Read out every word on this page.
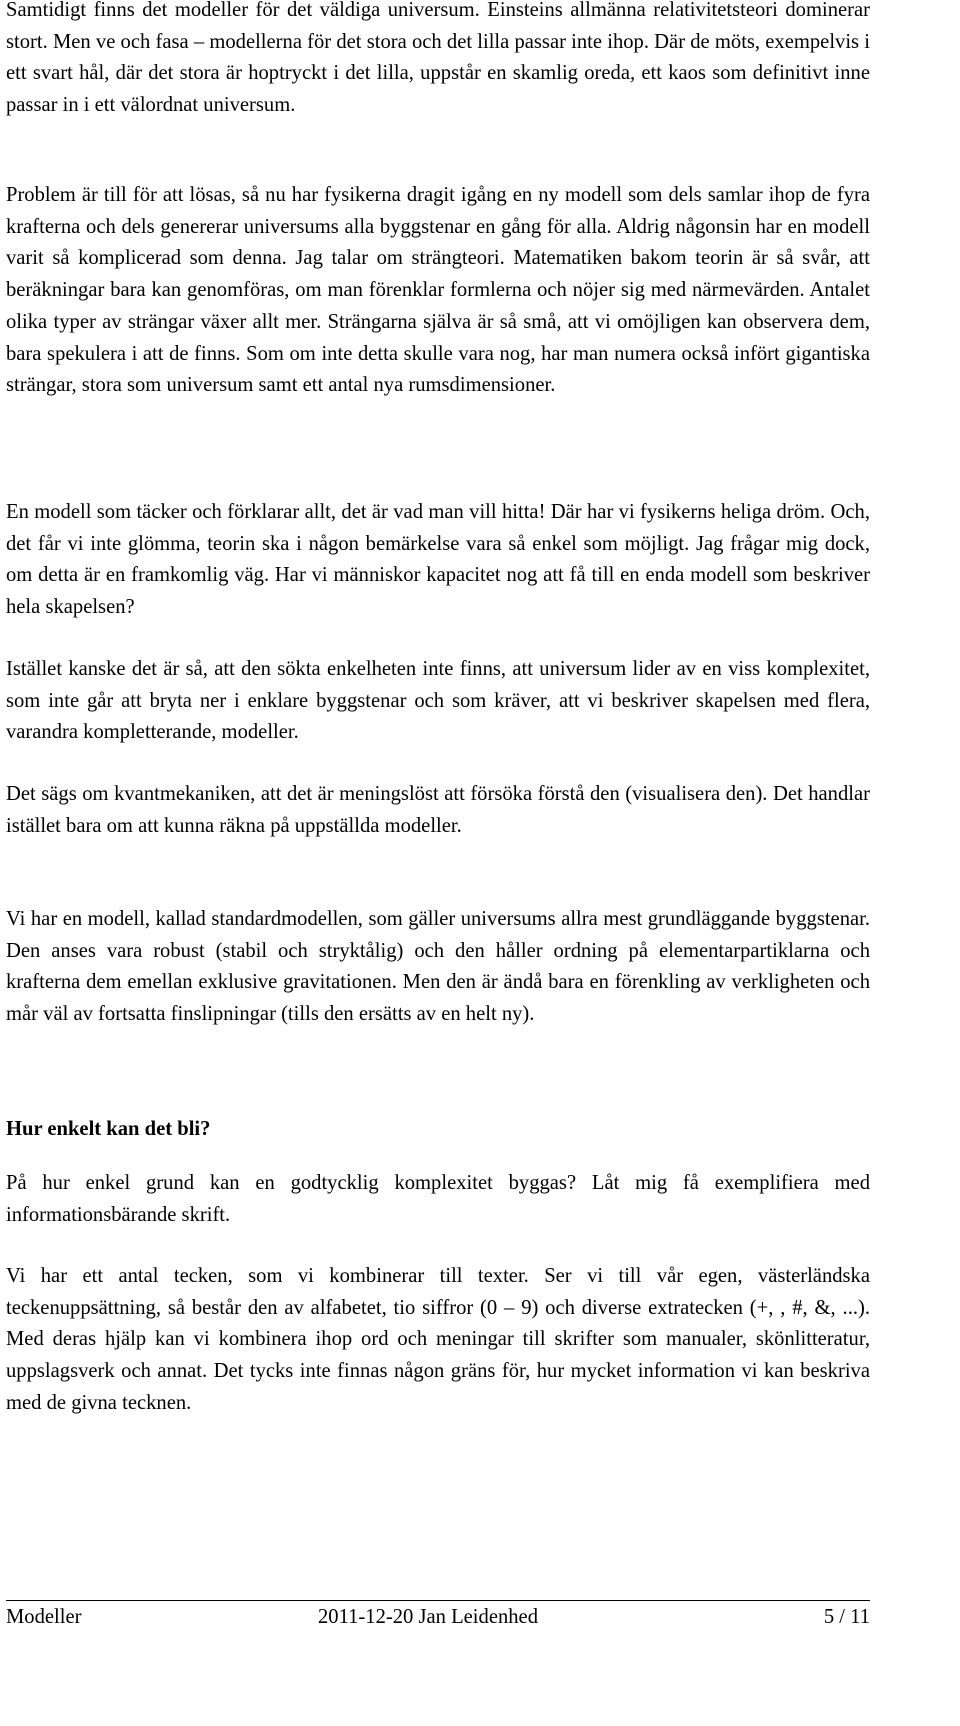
Samtidigt finns det modeller för det väldiga universum. Einsteins allmänna relativitetsteori dominerar stort. Men ve och fasa – modellerna för det stora och det lilla passar inte ihop. Där de möts, exempelvis i ett svart hål, där det stora är hoptryckt i det lilla, uppstår en skamlig oreda, ett kaos som definitivt inne passar in i ett välordnat universum.

Problem är till för att lösas, så nu har fysikerna dragit igång en ny modell som dels samlar ihop de fyra krafterna och dels genererar universums alla byggstenar en gång för alla. Aldrig någonsin har en modell varit så komplicerad som denna. Jag talar om strängteori. Matematiken bakom teorin är så svår, att beräkningar bara kan genomföras, om man förenklar formlerna och nöjer sig med närmevärden. Antalet olika typer av strängar växer allt mer. Strängarna själva är så små, att vi omöjligen kan observera dem, bara spekulera i att de finns. Som om inte detta skulle vara nog, har man numera också infört gigantiska strängar, stora som universum samt ett antal nya rumsdimensioner.

En modell som täcker och förklarar allt, det är vad man vill hitta! Där har vi fysikerns heliga dröm. Och, det får vi inte glömma, teorin ska i någon bemärkelse vara så enkel som möjligt. Jag frågar mig dock, om detta är en framkomlig väg. Har vi människor kapacitet nog att få till en enda modell som beskriver hela skapelsen?

Istället kanske det är så, att den sökta enkelheten inte finns, att universum lider av en viss komplexitet, som inte går att bryta ner i enklare byggstenar och som kräver, att vi beskriver skapelsen med flera, varandra kompletterande, modeller.

Det sägs om kvantmekaniken, att det är meningslöst att försöka förstå den (visualisera den). Det handlar istället bara om att kunna räkna på uppställda modeller.

Vi har en modell, kallad standardmodellen, som gäller universums allra mest grundläggande byggstenar. Den anses vara robust (stabil och stryktålig) och den håller ordning på elementarpartiklarna och krafterna dem emellan exklusive gravitationen. Men den är ändå bara en förenkling av verkligheten och mår väl av fortsatta finslipningar (tills den ersätts av en helt ny).

Hur enkelt kan det bli?

På hur enkel grund kan en godtycklig komplexitet byggas? Låt mig få exemplifiera med informationsbärande skrift.

Vi har ett antal tecken, som vi kombinerar till texter. Ser vi till vår egen, västerländska teckenuppsättning, så består den av alfabetet, tio siffror (0 – 9) och diverse extratecken (+, , #, &, ...). Med deras hjälp kan vi kombinera ihop ord och meningar till skrifter som manualer, skönlitteratur, uppslagsverk och annat. Det tycks inte finnas någon gräns för, hur mycket information vi kan beskriva med de givna tecknen.

Modeller	2011-12-20 Jan Leidenhed	5 / 11
